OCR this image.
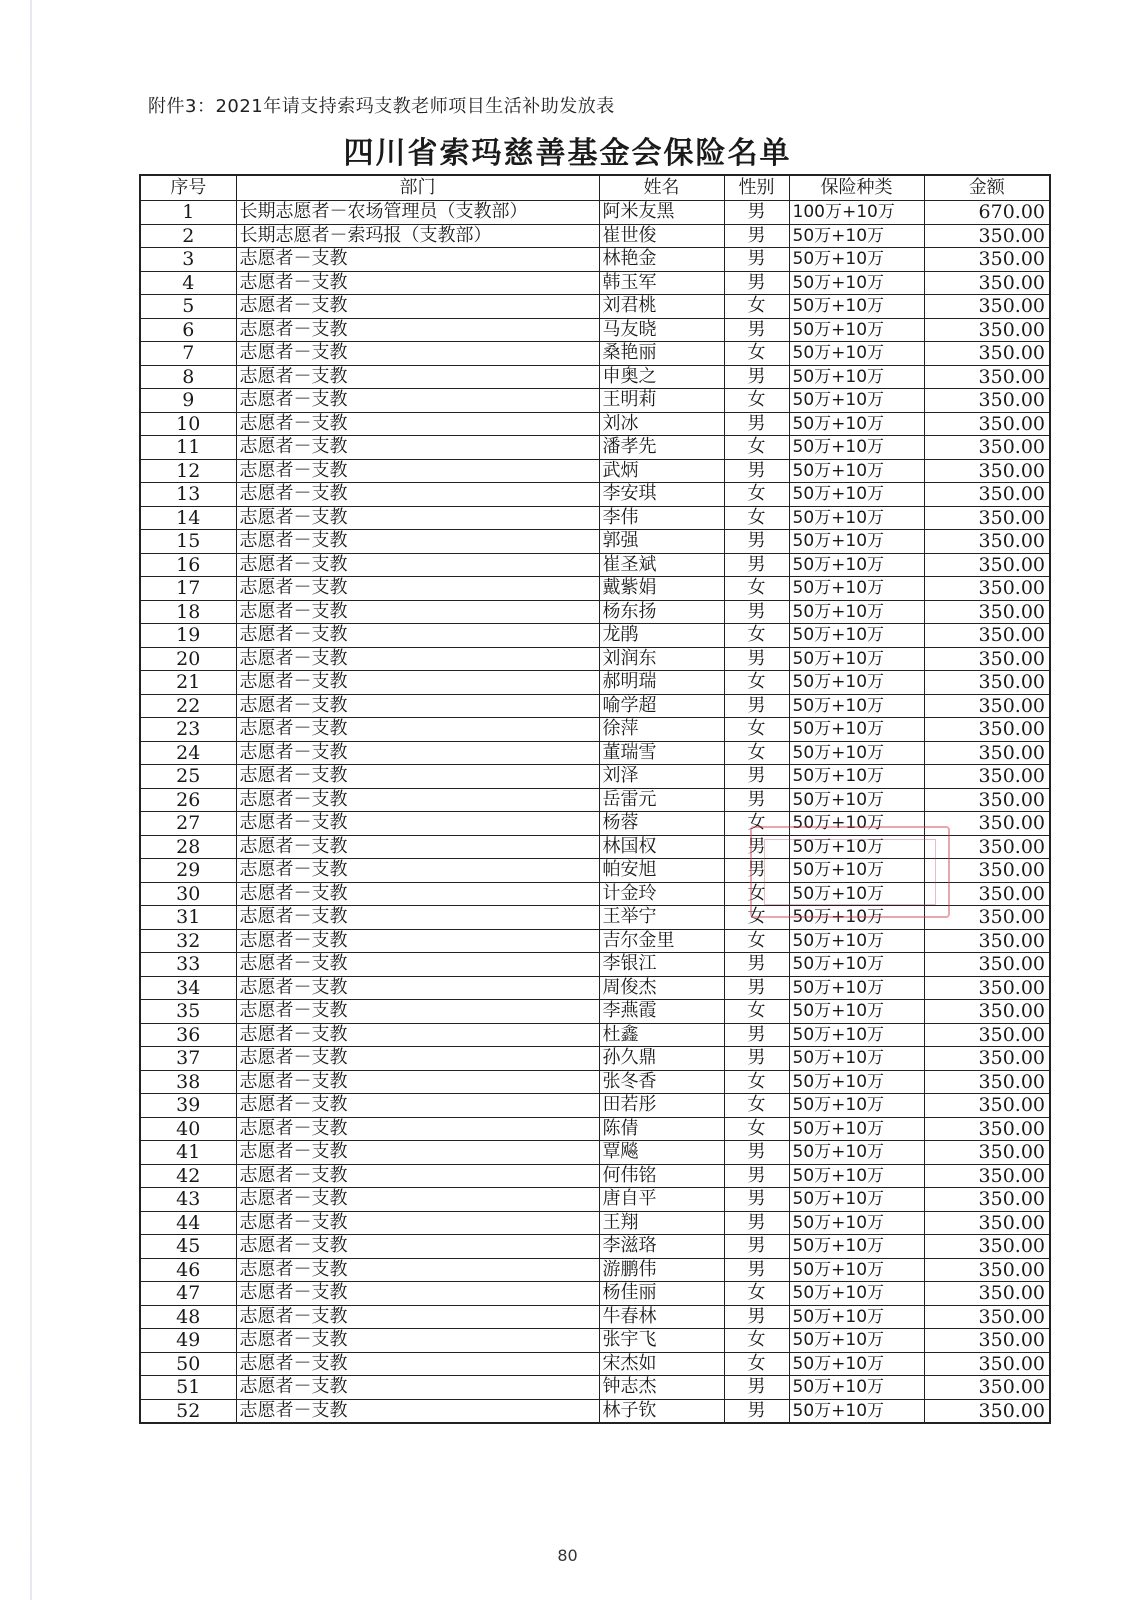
附件3：2021年请支持索玛支教老师项目生活补助发放表
四川省索玛慈善基金会保险名单
序号	部门	姓名	性别	保险种类	金额
1	长期志愿者－农场管理员（支教部）	阿米友黑	男	100万+10万	670.00
2	长期志愿者－索玛报（支教部）	崔世俊	男	50万+10万	350.00
3	志愿者－支教	林艳金	男	50万+10万	350.00
4	志愿者－支教	韩玉军	男	50万+10万	350.00
5	志愿者－支教	刘君桃	女	50万+10万	350.00
6	志愿者－支教	马友晓	男	50万+10万	350.00
7	志愿者－支教	桑艳丽	女	50万+10万	350.00
8	志愿者－支教	申奥之	男	50万+10万	350.00
9	志愿者－支教	王明莉	女	50万+10万	350.00
10	志愿者－支教	刘冰	男	50万+10万	350.00
11	志愿者－支教	潘孝先	女	50万+10万	350.00
12	志愿者－支教	武炳	男	50万+10万	350.00
13	志愿者－支教	李安琪	女	50万+10万	350.00
14	志愿者－支教	李伟	女	50万+10万	350.00
15	志愿者－支教	郭强	男	50万+10万	350.00
16	志愿者－支教	崔圣斌	男	50万+10万	350.00
17	志愿者－支教	戴紫娟	女	50万+10万	350.00
18	志愿者－支教	杨东扬	男	50万+10万	350.00
19	志愿者－支教	龙鹃	女	50万+10万	350.00
20	志愿者－支教	刘润东	男	50万+10万	350.00
21	志愿者－支教	郝明瑞	女	50万+10万	350.00
22	志愿者－支教	喻学超	男	50万+10万	350.00
23	志愿者－支教	徐萍	女	50万+10万	350.00
24	志愿者－支教	董瑞雪	女	50万+10万	350.00
25	志愿者－支教	刘泽	男	50万+10万	350.00
26	志愿者－支教	岳雷元	男	50万+10万	350.00
27	志愿者－支教	杨蓉	女	50万+10万	350.00
28	志愿者－支教	林国权	男	50万+10万	350.00
29	志愿者－支教	帕安旭	男	50万+10万	350.00
30	志愿者－支教	计金玲	女	50万+10万	350.00
31	志愿者－支教	王举宁	女	50万+10万	350.00
32	志愿者－支教	吉尔金里	女	50万+10万	350.00
33	志愿者－支教	李银江	男	50万+10万	350.00
34	志愿者－支教	周俊杰	男	50万+10万	350.00
35	志愿者－支教	李燕霞	女	50万+10万	350.00
36	志愿者－支教	杜鑫	男	50万+10万	350.00
37	志愿者－支教	孙久鼎	男	50万+10万	350.00
38	志愿者－支教	张冬香	女	50万+10万	350.00
39	志愿者－支教	田若彤	女	50万+10万	350.00
40	志愿者－支教	陈倩	女	50万+10万	350.00
41	志愿者－支教	覃飚	男	50万+10万	350.00
42	志愿者－支教	何伟铭	男	50万+10万	350.00
43	志愿者－支教	唐自平	男	50万+10万	350.00
44	志愿者－支教	王翔	男	50万+10万	350.00
45	志愿者－支教	李滋珞	男	50万+10万	350.00
46	志愿者－支教	游鹏伟	男	50万+10万	350.00
47	志愿者－支教	杨佳丽	女	50万+10万	350.00
48	志愿者－支教	牛春林	男	50万+10万	350.00
49	志愿者－支教	张宇飞	女	50万+10万	350.00
50	志愿者－支教	宋杰如	女	50万+10万	350.00
51	志愿者－支教	钟志杰	男	50万+10万	350.00
52	志愿者－支教	林子钦	男	50万+10万	350.00
80
